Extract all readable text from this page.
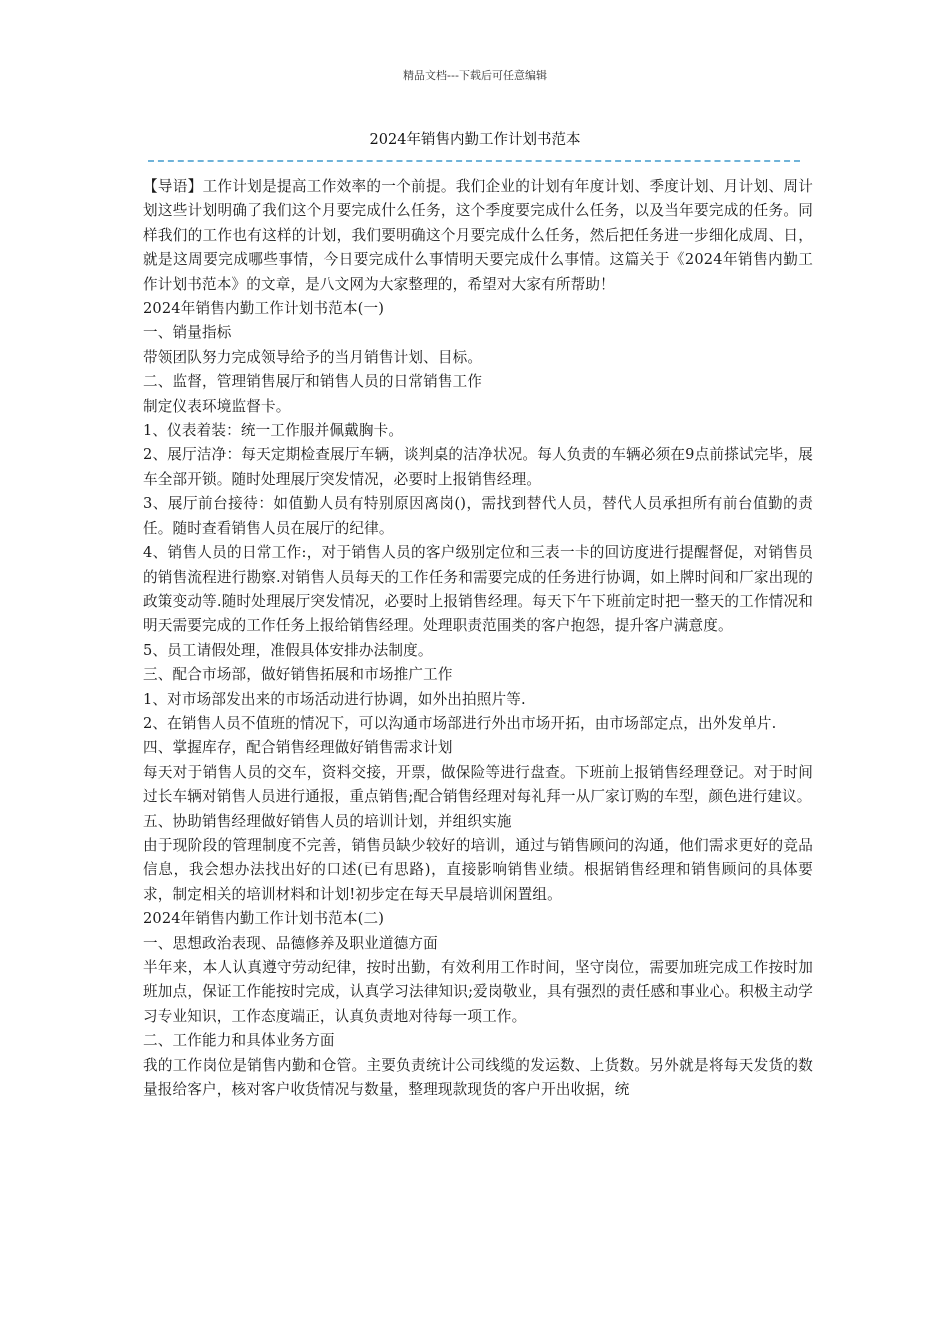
精品文档---下载后可任意编辑
2024年销售内勤工作计划书范本

【导语】工作计划是提高工作效率的一个前提。我们企业的计划有年度计划、季度计划、月计划、周计划这些计划明确了我们这个月要完成什么任务，这个季度要完成什么任务，以及当年要完成的任务。同样我们的工作也有这样的计划，我们要明确这个月要完成什么任务，然后把任务进一步细化成周、日，就是这周要完成哪些事情，今日要完成什么事情明天要完成什么事情。这篇关于《2024年销售内勤工作计划书范本》的文章，是八文网为大家整理的，希望对大家有所帮助！

2024年销售内勤工作计划书范本(一)

一、销量指标

带领团队努力完成领导给予的当月销售计划、目标。

二、监督，管理销售展厅和销售人员的日常销售工作

制定仪表环境监督卡。

1、仪表着装：统一工作服并佩戴胸卡。

2、展厅洁净：每天定期检查展厅车辆，谈判桌的洁净状况。每人负责的车辆必须在9点前搽试完毕，展车全部开锁。随时处理展厅突发情况，必要时上报销售经理。

3、展厅前台接待：如值勤人员有特别原因离岗()，需找到替代人员，替代人员承担所有前台值勤的责任。随时查看销售人员在展厅的纪律。

4、销售人员的日常工作:，对于销售人员的客户级别定位和三表一卡的回访度进行提醒督促，对销售员的销售流程进行勘察.对销售人员每天的工作任务和需要完成的任务进行协调，如上牌时间和厂家出现的政策变动等.随时处理展厅突发情况，必要时上报销售经理。每天下午下班前定时把一整天的工作情况和明天需要完成的工作任务上报给销售经理。处理职责范围类的客户抱怨，提升客户满意度。

5、员工请假处理，准假具体安排办法制度。

三、配合市场部，做好销售拓展和市场推广工作

1、对市场部发出来的市场活动进行协调，如外出拍照片等.

2、在销售人员不值班的情况下，可以沟通市场部进行外出市场开拓，由市场部定点，出外发单片.

四、掌握库存，配合销售经理做好销售需求计划

每天对于销售人员的交车，资料交接，开票，做保险等进行盘查。下班前上报销售经理登记。对于时间过长车辆对销售人员进行通报，重点销售;配合销售经理对每礼拜一从厂家订购的车型，颜色进行建议。

五、协助销售经理做好销售人员的培训计划，并组织实施

由于现阶段的管理制度不完善，销售员缺少较好的培训，通过与销售顾问的沟通，他们需求更好的竞品信息，我会想办法找出好的口述(已有思路)，直接影响销售业绩。根据销售经理和销售顾问的具体要求，制定相关的培训材料和计划!初步定在每天早晨培训闲置组。

2024年销售内勤工作计划书范本(二)

一、思想政治表现、品德修养及职业道德方面

半年来，本人认真遵守劳动纪律，按时出勤，有效利用工作时间，坚守岗位，需要加班完成工作按时加班加点，保证工作能按时完成，认真学习法律知识;爱岗敬业，具有强烈的责任感和事业心。积极主动学习专业知识，工作态度端正，认真负责地对待每一项工作。

二、工作能力和具体业务方面

我的工作岗位是销售内勤和仓管。主要负责统计公司线缆的发运数、上货数。另外就是将每天发货的数量报给客户，核对客户收货情况与数量，整理现款现货的客户开出收据，统
